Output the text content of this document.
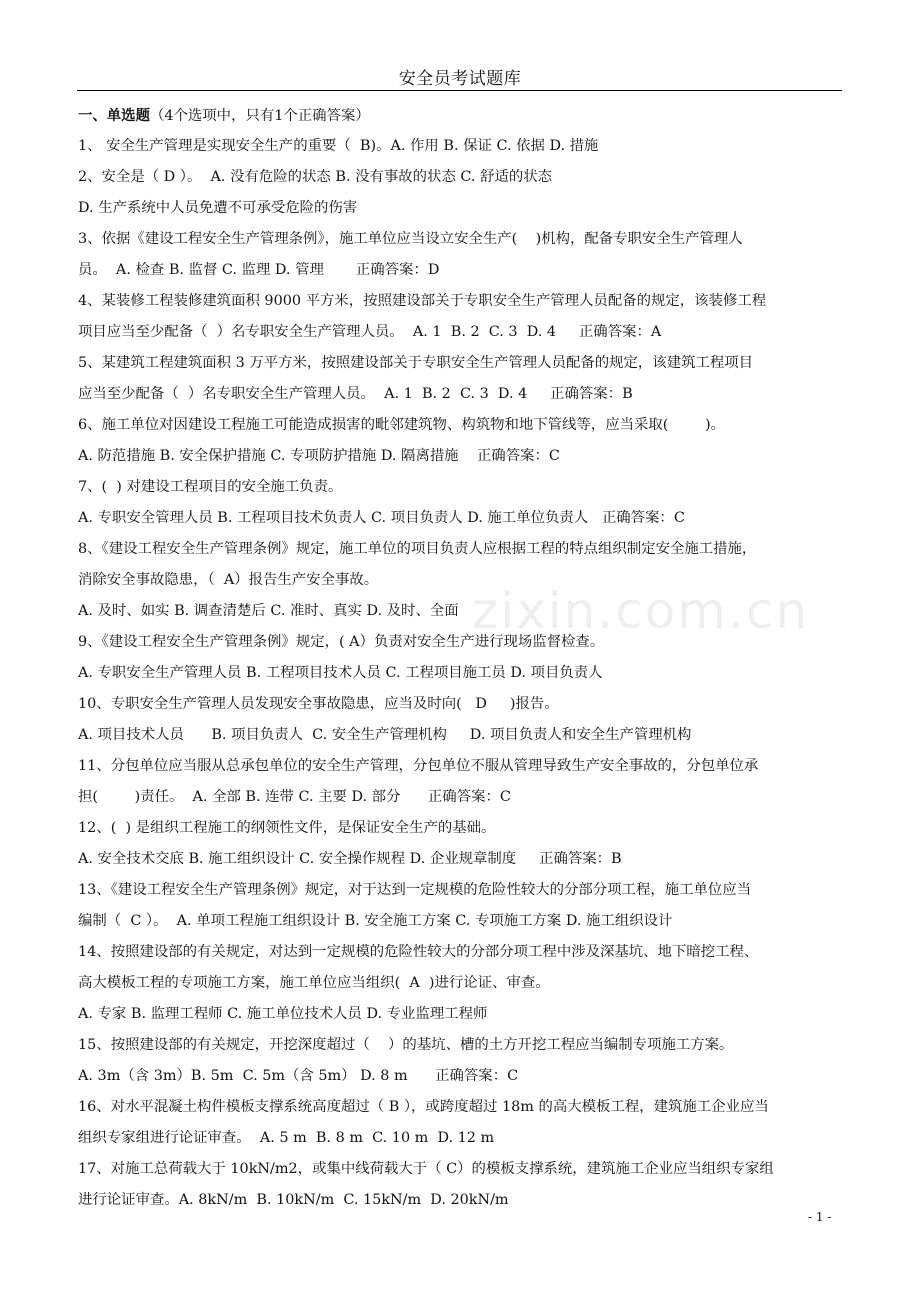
安全员考试题库
一、单选题（4个选项中，只有1个正确答案）
1、 安全生产管理是实现安全生产的重要（  B)。A. 作用 B. 保证 C. 依据 D. 措施
2、安全是（ D ）。  A. 没有危险的状态 B. 没有事故的状态 C. 舒适的状态
D. 生产系统中人员免遭不可承受危险的伤害
3、依据《建设工程安全生产管理条例》，施工单位应当设立安全生产(    )机构，配备专职安全生产管理人
员。  A. 检查 B. 监督 C. 监理 D. 管理       正确答案：D
4、某装修工程装修建筑面积 9000 平方米，按照建设部关于专职安全生产管理人员配备的规定，该装修工程
项目应当至少配备（  ）名专职安全生产管理人员。  A. 1  B. 2  C. 3  D. 4     正确答案：A
5、某建筑工程建筑面积 3 万平方米，按照建设部关于专职安全生产管理人员配备的规定，该建筑工程项目
应当至少配备（  ）名专职安全生产管理人员。  A. 1  B. 2  C. 3  D. 4     正确答案：B
6、施工单位对因建设工程施工可能造成损害的毗邻建筑物、构筑物和地下管线等，应当采取(        )。
A. 防范措施 B. 安全保护措施 C. 专项防护措施 D. 隔离措施    正确答案：C
7、(  ) 对建设工程项目的安全施工负责。
A. 专职安全管理人员 B. 工程项目技术负责人 C. 项目负责人 D. 施工单位负责人   正确答案：C
8、《建设工程安全生产管理条例》规定，施工单位的项目负责人应根据工程的特点组织制定安全施工措施，
消除安全事故隐患，（  A）报告生产安全事故。
A. 及时、如实 B. 调查清楚后 C. 准时、真实 D. 及时、全面
9、《建设工程安全生产管理条例》规定，( A）负责对安全生产进行现场监督检查。
A. 专职安全生产管理人员 B. 工程项目技术人员 C. 工程项目施工员 D. 项目负责人
10、专职安全生产管理人员发现安全事故隐患，应当及时向(   D     )报告。
A. 项目技术人员      B. 项目负责人  C. 安全生产管理机构     D. 项目负责人和安全生产管理机构
11、分包单位应当服从总承包单位的安全生产管理，分包单位不服从管理导致生产安全事故的，分包单位承
担(        )责任。  A. 全部 B. 连带 C. 主要 D. 部分      正确答案：C
12、(  ) 是组织工程施工的纲领性文件，是保证安全生产的基础。
A. 安全技术交底 B. 施工组织设计 C. 安全操作规程 D. 企业规章制度     正确答案：B
13、《建设工程安全生产管理条例》规定，对于达到一定规模的危险性较大的分部分项工程，施工单位应当
编制（  C ）。  A. 单项工程施工组织设计 B. 安全施工方案 C. 专项施工方案 D. 施工组织设计
14、按照建设部的有关规定，对达到一定规模的危险性较大的分部分项工程中涉及深基坑、地下暗挖工程、
高大模板工程的专项施工方案，施工单位应当组织(  A  )进行论证、审查。
A. 专家 B. 监理工程师 C. 施工单位技术人员 D. 专业监理工程师
15、按照建设部的有关规定，开挖深度超过（    ）的基坑、槽的土方开挖工程应当编制专项施工方案。
A. 3m（含 3m）B. 5m  C. 5m（含 5m） D. 8 m      正确答案：C
16、对水平混凝土构件模板支撑系统高度超过（ B ），或跨度超过 18m 的高大模板工程，建筑施工企业应当
组织专家组进行论证审查。  A. 5 m  B. 8 m  C. 10 m  D. 12 m
17、对施工总荷载大于 10kN/m2，或集中线荷载大于（ C）的模板支撑系统，建筑施工企业应当组织专家组
进行论证审查。A. 8kN/m  B. 10kN/m  C. 15kN/m  D. 20kN/m
zixin.com.cn
- 1 -
